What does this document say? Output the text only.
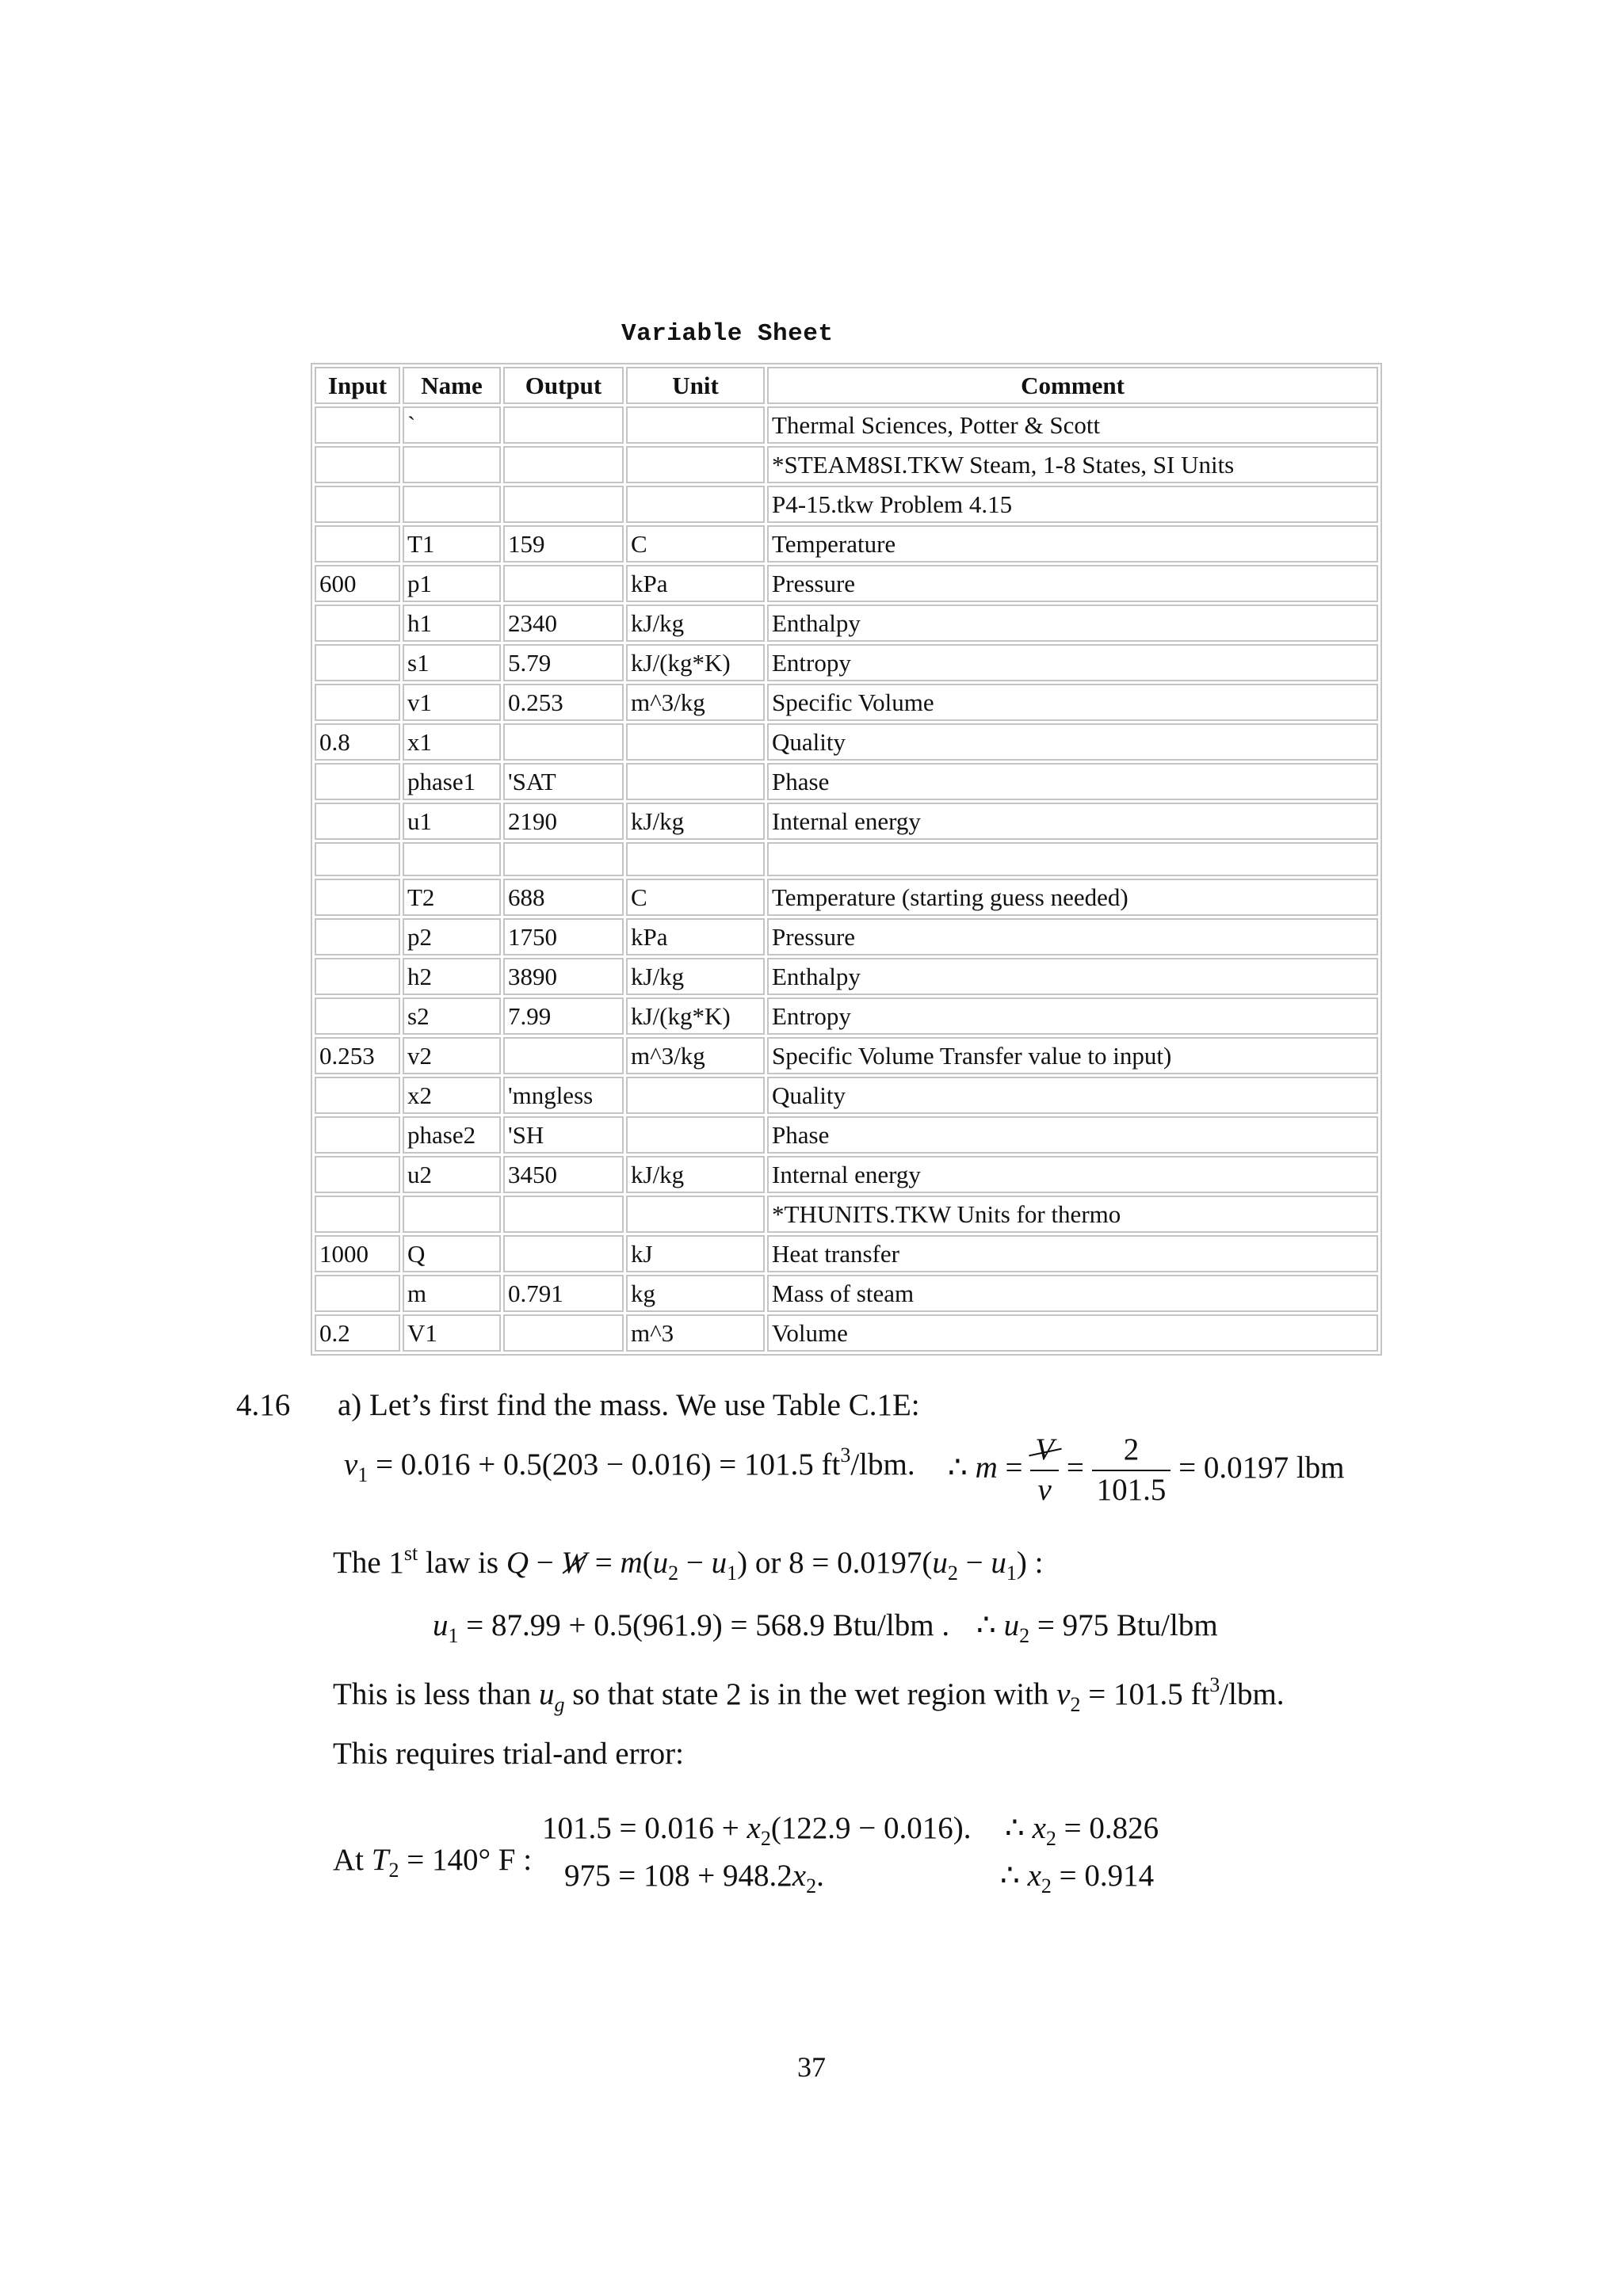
Variable Sheet
Input	Name	Output	Unit	Comment
	`			Thermal Sciences, Potter & Scott
				*STEAM8SI.TKW Steam, 1-8 States, SI Units
				P4-15.tkw Problem 4.15
	T1	159	C	Temperature
600	p1		kPa	Pressure
	h1	2340	kJ/kg	Enthalpy
	s1	5.79	kJ/(kg*K)	Entropy
	v1	0.253	m^3/kg	Specific Volume
0.8	x1			Quality
	phase1	'SAT		Phase
	u1	2190	kJ/kg	Internal energy

	T2	688	C	Temperature (starting guess needed)
	p2	1750	kPa	Pressure
	h2	3890	kJ/kg	Enthalpy
	s2	7.99	kJ/(kg*K)	Entropy
0.253	v2		m^3/kg	Specific Volume Transfer value to input)
	x2	'mngless		Quality
	phase2	'SH		Phase
	u2	3450	kJ/kg	Internal energy
				*THUNITS.TKW Units for thermo
1000	Q		kJ	Heat transfer
	m	0.791	kg	Mass of steam
0.2	V1		m^3	Volume
4.16 a) Let’s first find the mass. We use Table C.1E:
$v_1 = 0.016 + 0.5(203 - 0.016) = 101.5$ $ft^3$/lbm. ∴ $m = \frac{V}{v} = \frac{2}{101.5} = 0.0197$ lbm
The 1st law is $Q - W = m(u_2 - u_1)$ or $8 = 0.0197(u_2 - u_1)$ :
$u_1 = 87.99 + 0.5(961.9) = 568.9$ Btu/lbm . ∴ $u_2 = 975$ Btu/lbm
This is less than $u_g$ so that state 2 is in the wet region with $v_2 = 101.5$ $ft^3$/lbm.
This requires trial-and error:
At $T_2 = 140^\circ$ F :
$101.5 = 0.016 + x_2(122.9 - 0.016)$. ∴ $x_2 = 0.826$
$975 = 108 + 948.2x_2$.	∴ $x_2 = 0.914$
37
